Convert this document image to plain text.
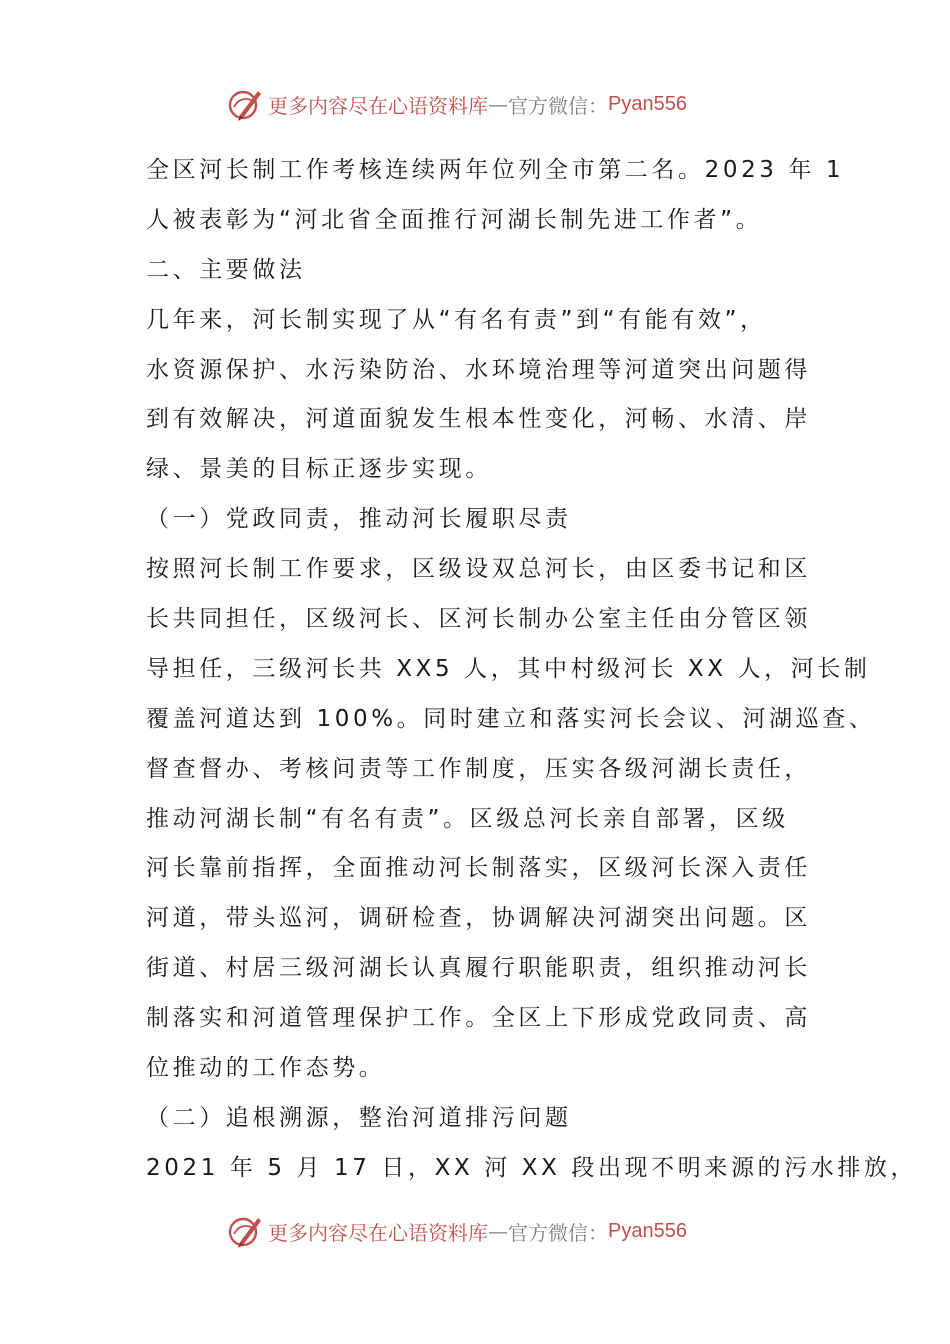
更多内容尽在心语资料库 — 官方微信： Pyan556
全区河长制工作考核连续两年位列全市第二名。2023 年 1
人被表彰为“河北省全面推行河湖长制先进工作者”。
二、主要做法
几年来，河长制实现了从“有名有责”到“有能有效”，
水资源保护、水污染防治、水环境治理等河道突出问题得
到有效解决，河道面貌发生根本性变化，河畅、水清、岸
绿、景美的目标正逐步实现。
（一）党政同责，推动河长履职尽责
按照河长制工作要求，区级设双总河长，由区委书记和区
长共同担任，区级河长、区河长制办公室主任由分管区领
导担任，三级河长共 XX5 人，其中村级河长 XX 人，河长制
覆盖河道达到 100%。同时建立和落实河长会议、河湖巡查、
督查督办、考核问责等工作制度，压实各级河湖长责任，
推动河湖长制“有名有责”。区级总河长亲自部署，区级
河长靠前指挥，全面推动河长制落实，区级河长深入责任
河道，带头巡河，调研检查，协调解决河湖突出问题。区
街道、村居三级河湖长认真履行职能职责，组织推动河长
制落实和河道管理保护工作。全区上下形成党政同责、高
位推动的工作态势。
（二）追根溯源，整治河道排污问题
2021 年 5 月 17 日，XX 河 XX 段出现不明来源的污水排放，
更多内容尽在心语资料库 — 官方微信： Pyan556
